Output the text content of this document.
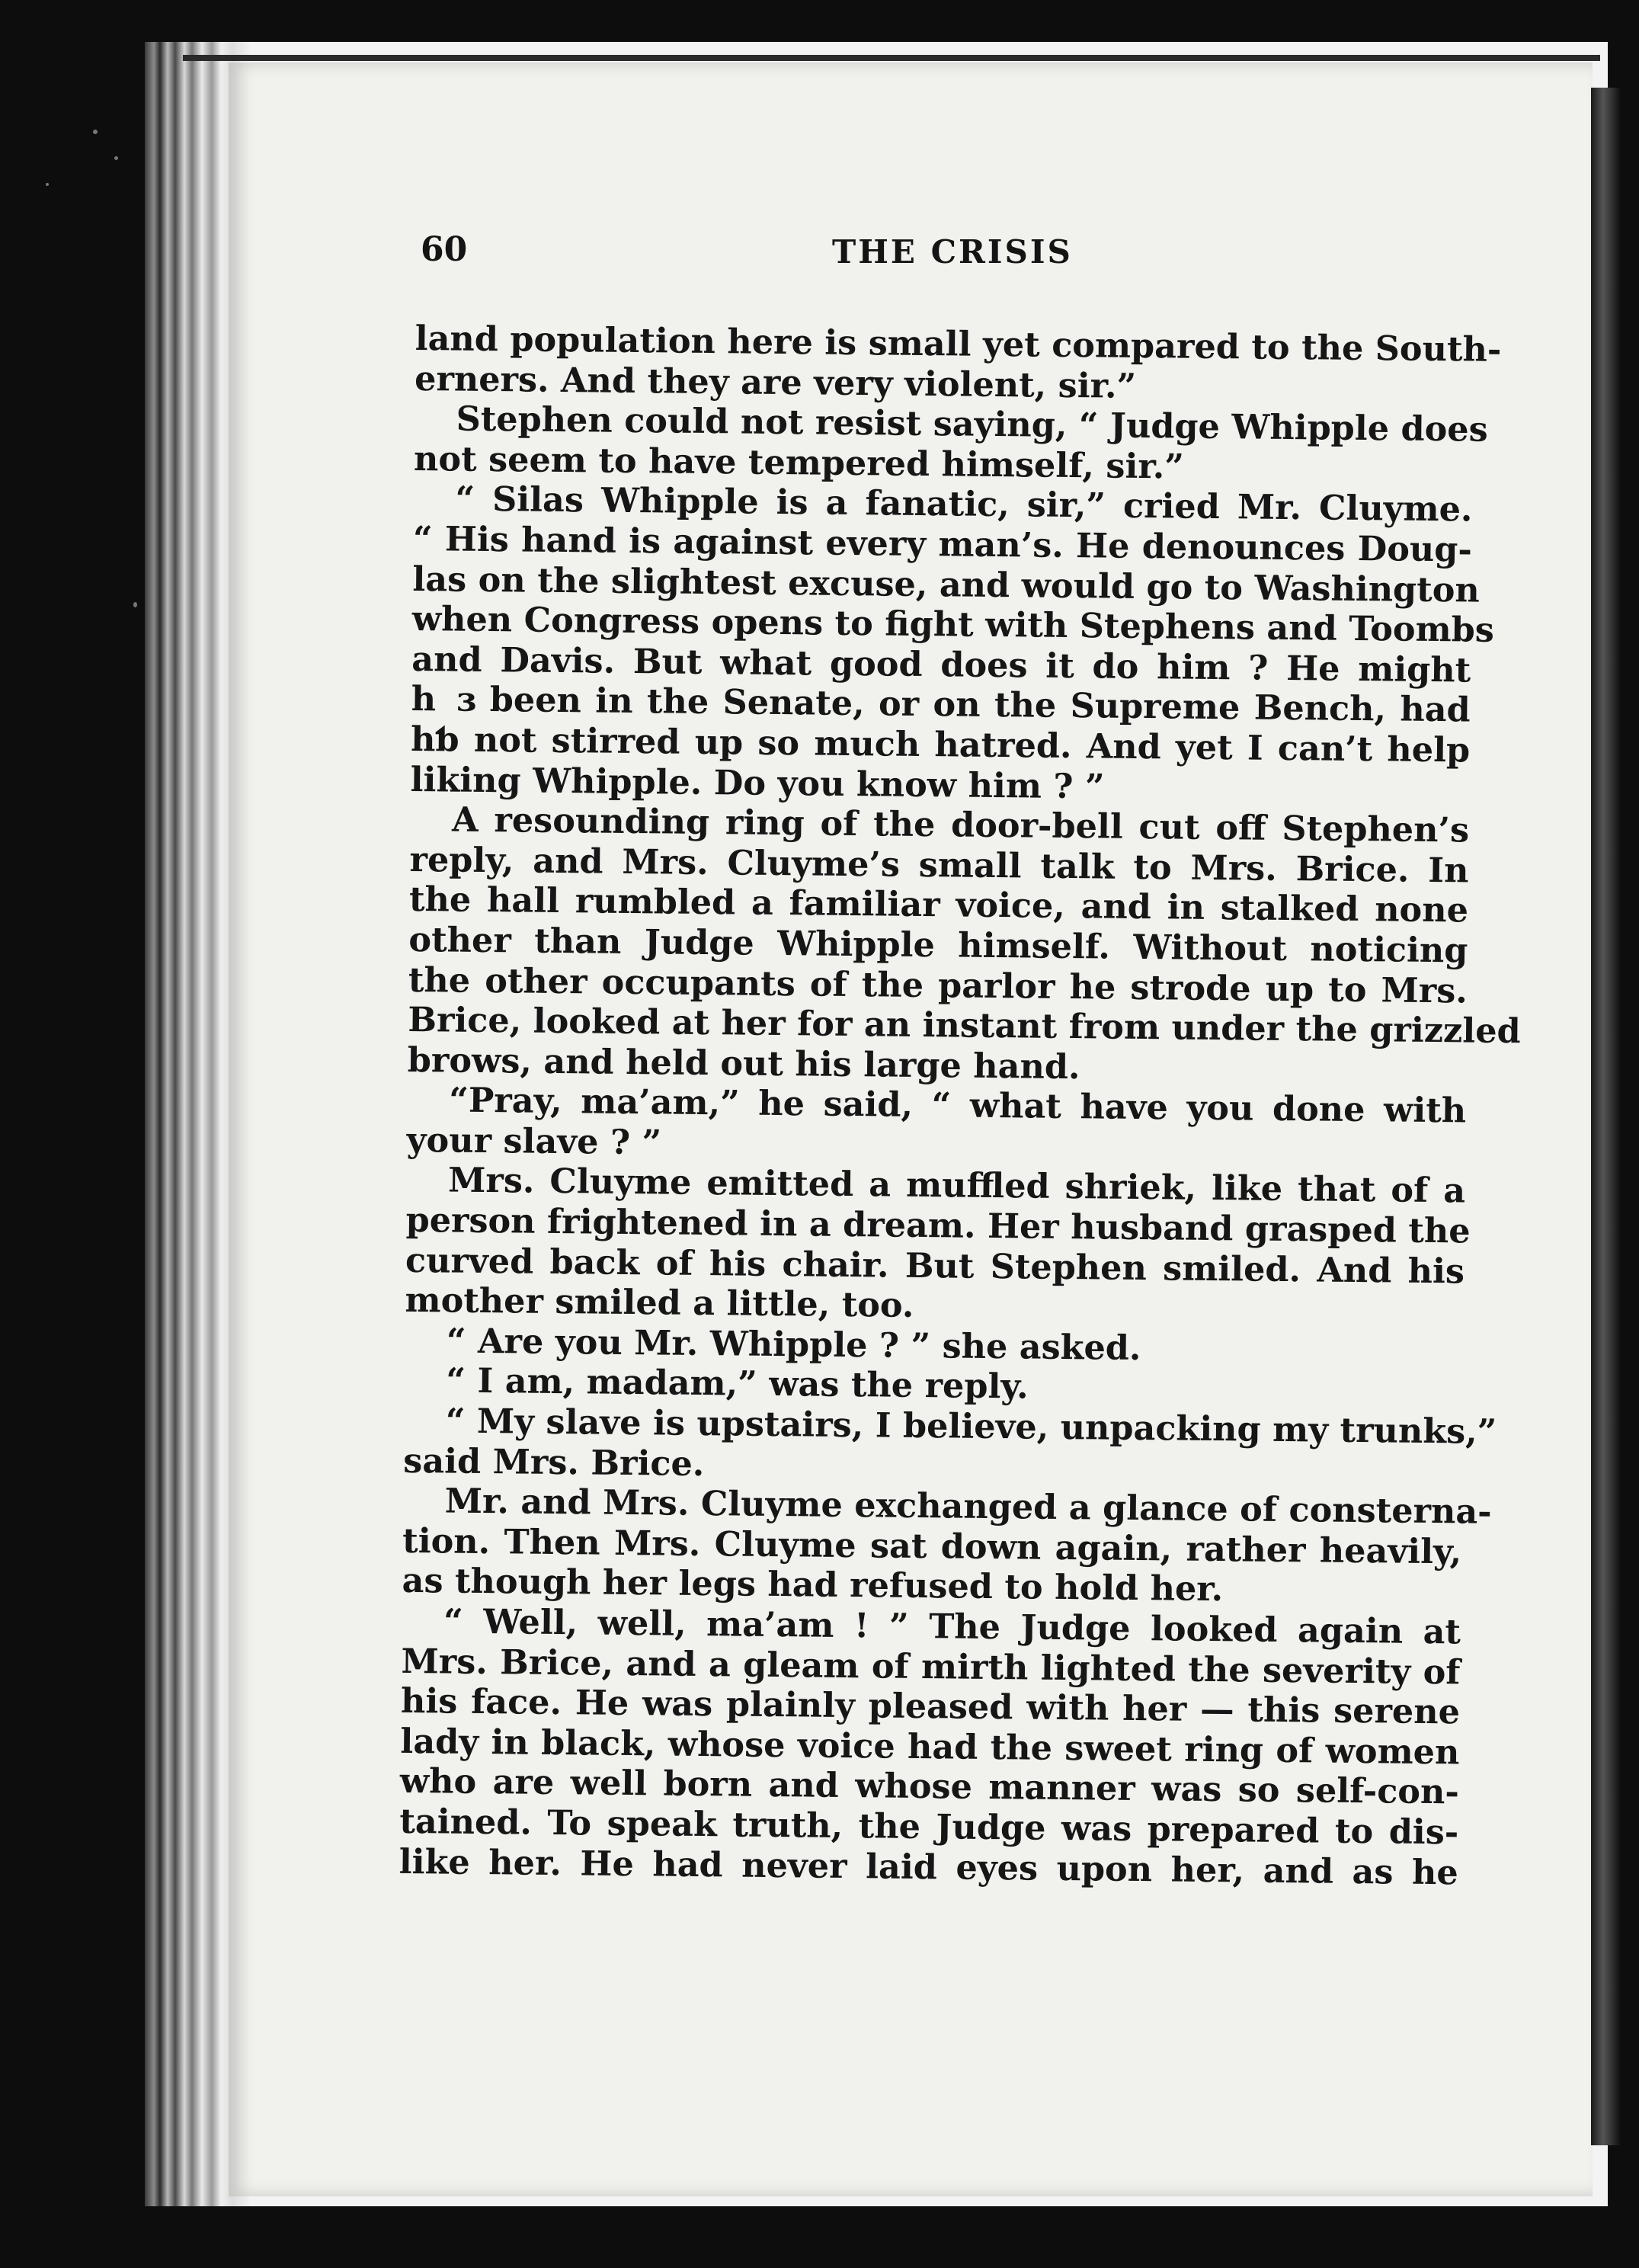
60	THE CRISIS
land population here is small yet compared to the South-
erners. And they are very violent, sir.”
Stephen could not resist saying, “ Judge Whipple does
not seem to have tempered himself, sir.”
“ Silas Whipple is a fanatic, sir,” cried Mr. Cluyme.
“ His hand is against every man’s. He denounces Doug-
las on the slightest excuse, and would go to Washington
when Congress opens to fight with Stephens and Toombs
and Davis. But what good does it do him ? He might
h  ɜ been in the Senate, or on the Supreme Bench, had
hƅ not stirred up so much hatred. And yet I can’t help
liking Whipple. Do you know him ? ”
A resounding ring of the door-bell cut off Stephen’s
reply, and Mrs. Cluyme’s small talk to Mrs. Brice. In
the hall rumbled a familiar voice, and in stalked none
other than Judge Whipple himself. Without noticing
the other occupants of the parlor he strode up to Mrs.
Brice, looked at her for an instant from under the grizzled
brows, and held out his large hand.
“Pray, ma’am,” he said, “ what have you done with
your slave ? ”
Mrs. Cluyme emitted a muffled shriek, like that of a
person frightened in a dream. Her husband grasped the
curved back of his chair. But Stephen smiled. And his
mother smiled a little, too.
“ Are you Mr. Whipple ? ” she asked.
“ I am, madam,” was the reply.
“ My slave is upstairs, I believe, unpacking my trunks,”
said Mrs. Brice.
Mr. and Mrs. Cluyme exchanged a glance of consterna-
tion. Then Mrs. Cluyme sat down again, rather heavily,
as though her legs had refused to hold her.
“ Well, well, ma’am ! ” The Judge looked again at
Mrs. Brice, and a gleam of mirth lighted the severity of
his face. He was plainly pleased with her — this serene
lady in black, whose voice had the sweet ring of women
who are well born and whose manner was so self-con-
tained. To speak truth, the Judge was prepared to dis-
like her. He had never laid eyes upon her, and as he
